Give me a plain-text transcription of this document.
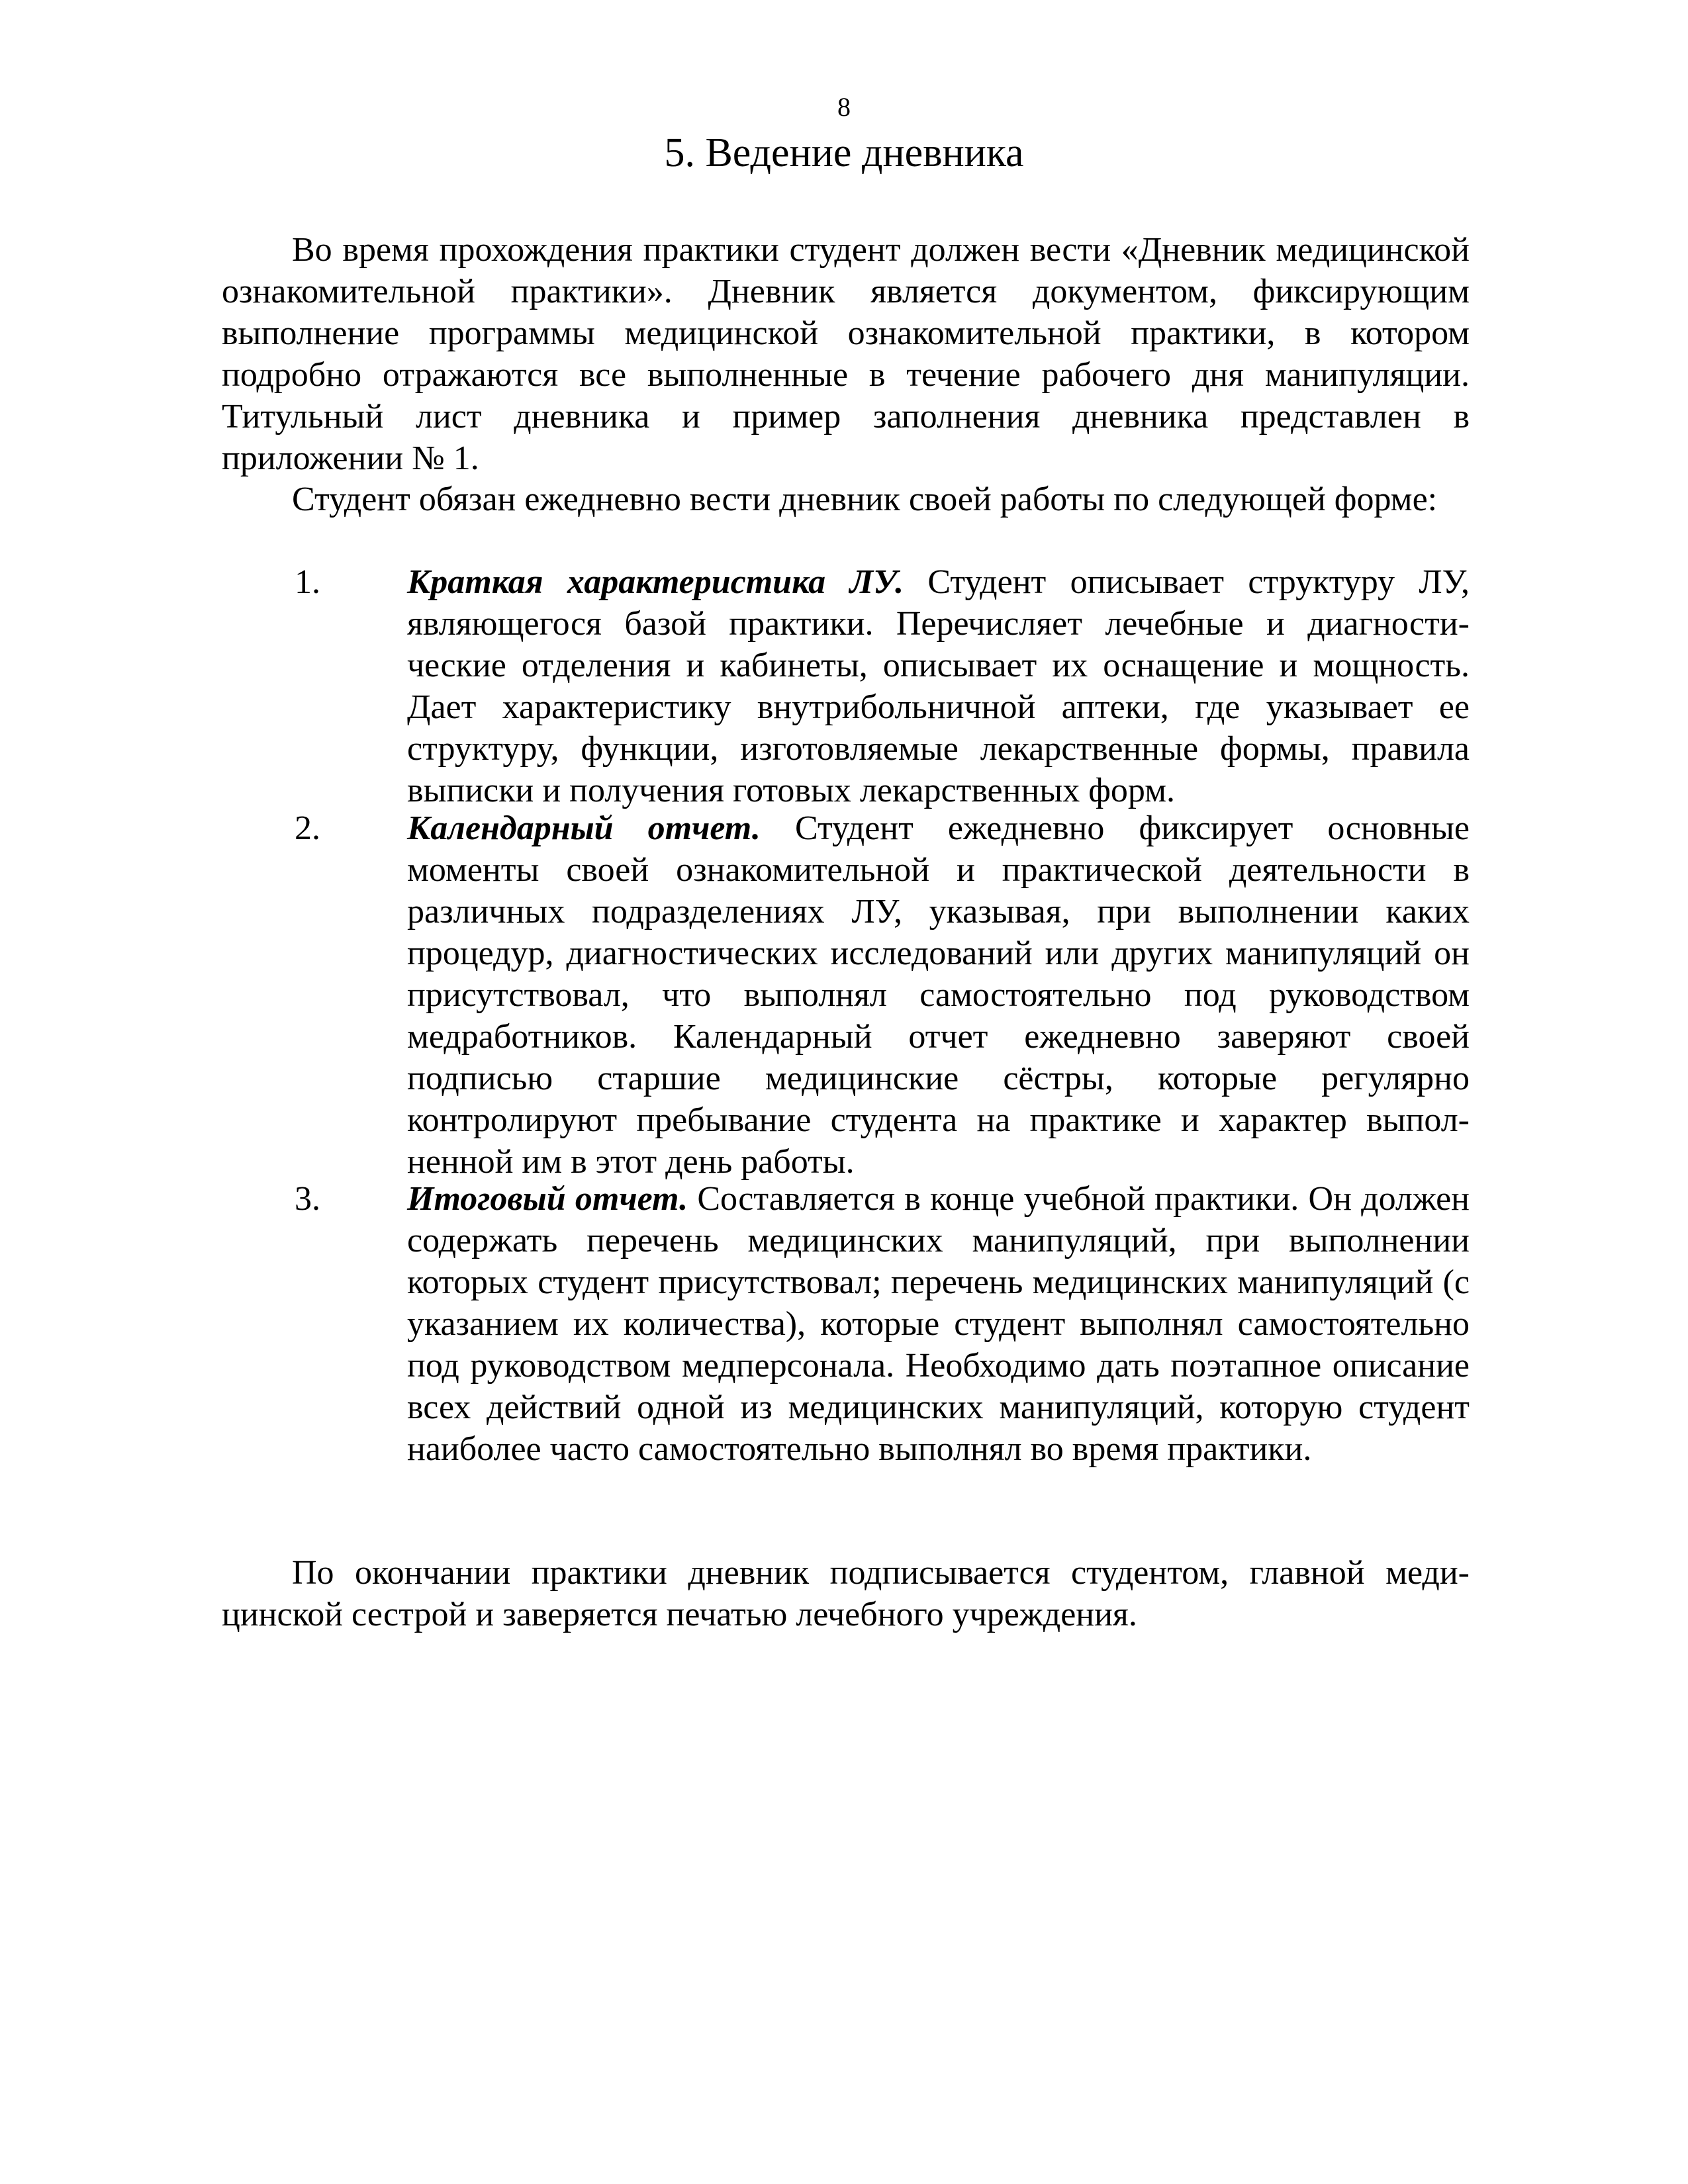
8
5. Ведение дневника

Во время прохождения практики студент должен вести «Дневник медицинской ознакомительной практики». Дневник является документом, фиксирующим выполнение программы медицинской ознакомительной практики, в котором подробно отражаются все выполненные в течение рабочего дня манипуляции. Титульный лист дневника и пример заполнения дневника представлен в приложении № 1.

Студент обязан ежедневно вести дневник своей работы по следующей форме:

1.	Краткая характеристика ЛУ. Студент описывает структуру ЛУ, являющегося базой практики. Перечисляет лечебные и диагностические отделения и кабинеты, описывает их оснащение и мощность. Дает характеристику внутрибольничной аптеки, где указывает ее структуру, функции, изготовляемые лекарственные формы, правила выписки и получения готовых лекарственных форм.
2.	Календарный отчет. Студент ежедневно фиксирует основные моменты своей ознакомительной и практической деятельности в различных подразделениях ЛУ, указывая, при выполнении каких процедур, диагностических исследований или других манипуляций он присутствовал, что выполнял самостоятельно под руководством медработников. Календарный отчет ежедневно заверяют своей подписью старшие медицинские сёстры, которые регулярно контролируют пребывание студента на практике и характер выполненной им в этот день работы.
3.	Итоговый отчет. Составляется в конце учебной практики. Он должен содержать перечень медицинских манипуляций, при выполнении которых студент присутствовал; перечень медицинских манипуляций (с указанием их количества), которые студент выполнял самостоятельно под руководством медперсонала. Необходимо дать поэтапное описание всех действий одной из медицинских манипуляций, которую студент наиболее часто самостоятельно выполнял во время практики.

По окончании практики дневник подписывается студентом, главной медицинской сестрой и заверяется печатью лечебного учреждения.
